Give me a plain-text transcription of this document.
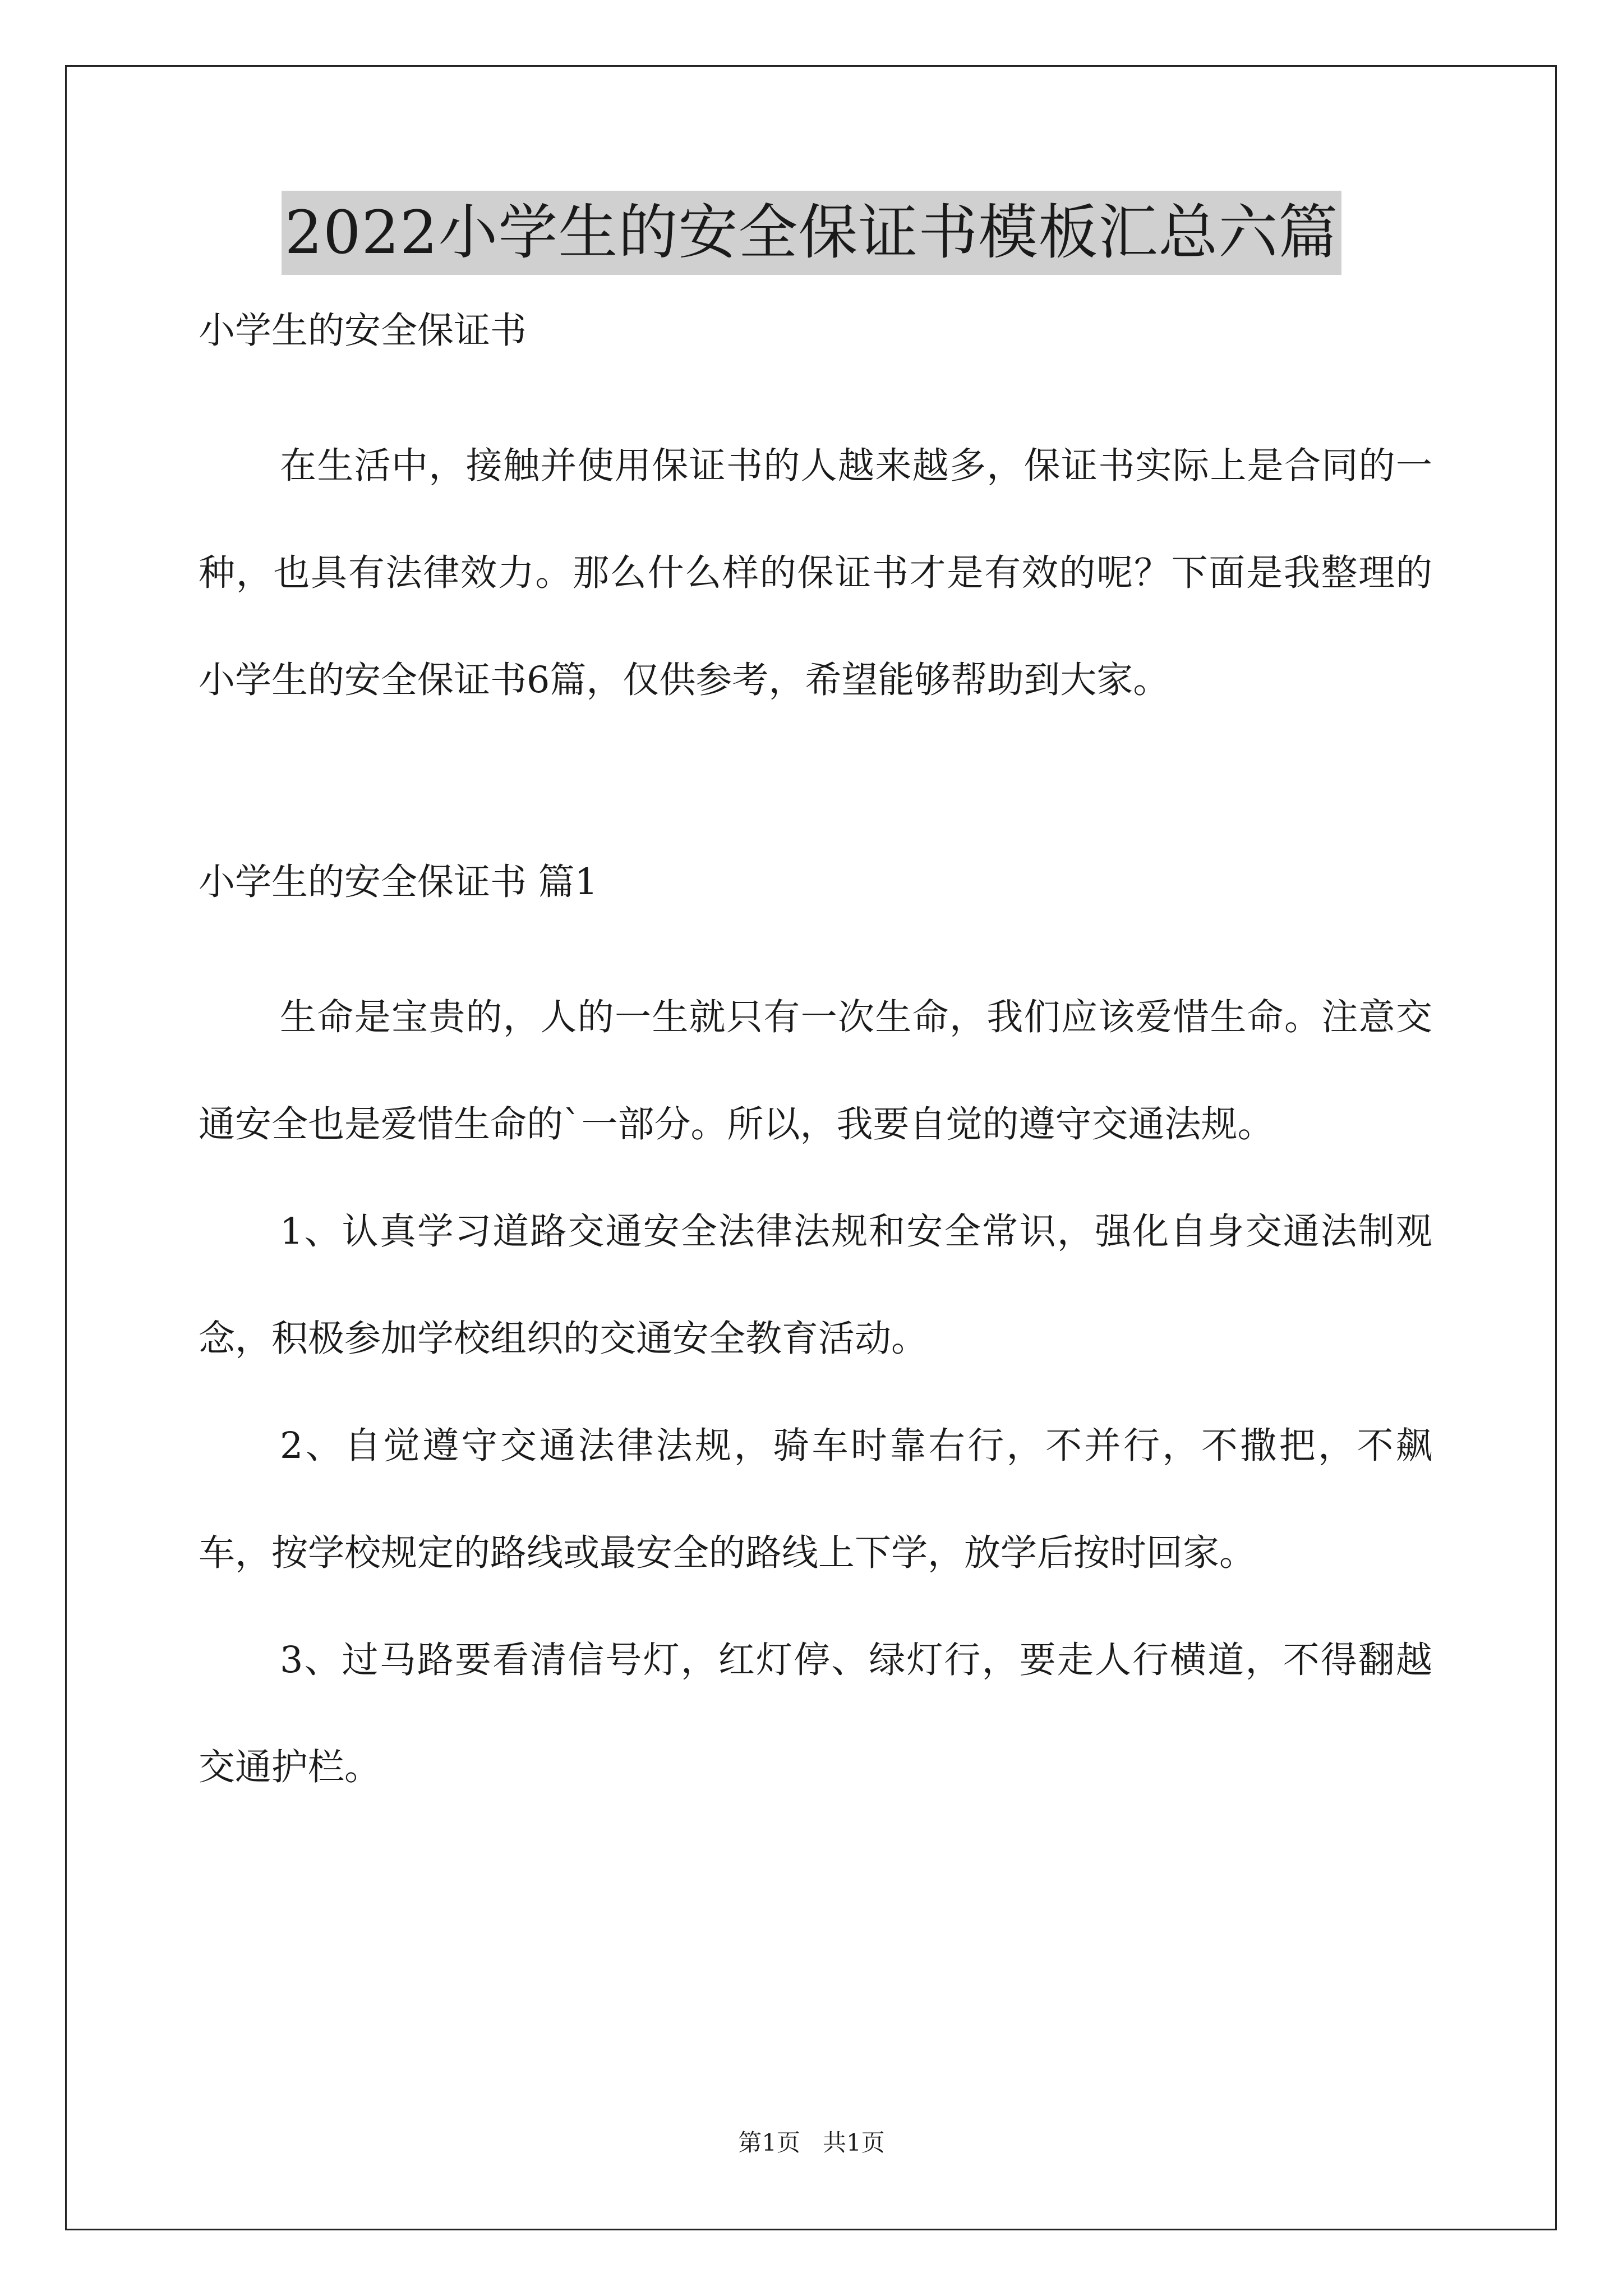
2022小学生的安全保证书模板汇总六篇

小学生的安全保证书

在生活中，接触并使用保证书的人越来越多，保证书实际上是合同的一种，也具有法律效力。那么什么样的保证书才是有效的呢？下面是我整理的小学生的安全保证书6篇，仅供参考，希望能够帮助到大家。

小学生的安全保证书 篇1

生命是宝贵的，人的一生就只有一次生命，我们应该爱惜生命。注意交通安全也是爱惜生命的`一部分。所以，我要自觉的遵守交通法规。

1、认真学习道路交通安全法律法规和安全常识，强化自身交通法制观念，积极参加学校组织的交通安全教育活动。

2、自觉遵守交通法律法规，骑车时靠右行，不并行，不撒把，不飙车，按学校规定的路线或最安全的路线上下学，放学后按时回家。

3、过马路要看清信号灯，红灯停、绿灯行，要走人行横道，不得翻越交通护栏。

第1页   共1页
